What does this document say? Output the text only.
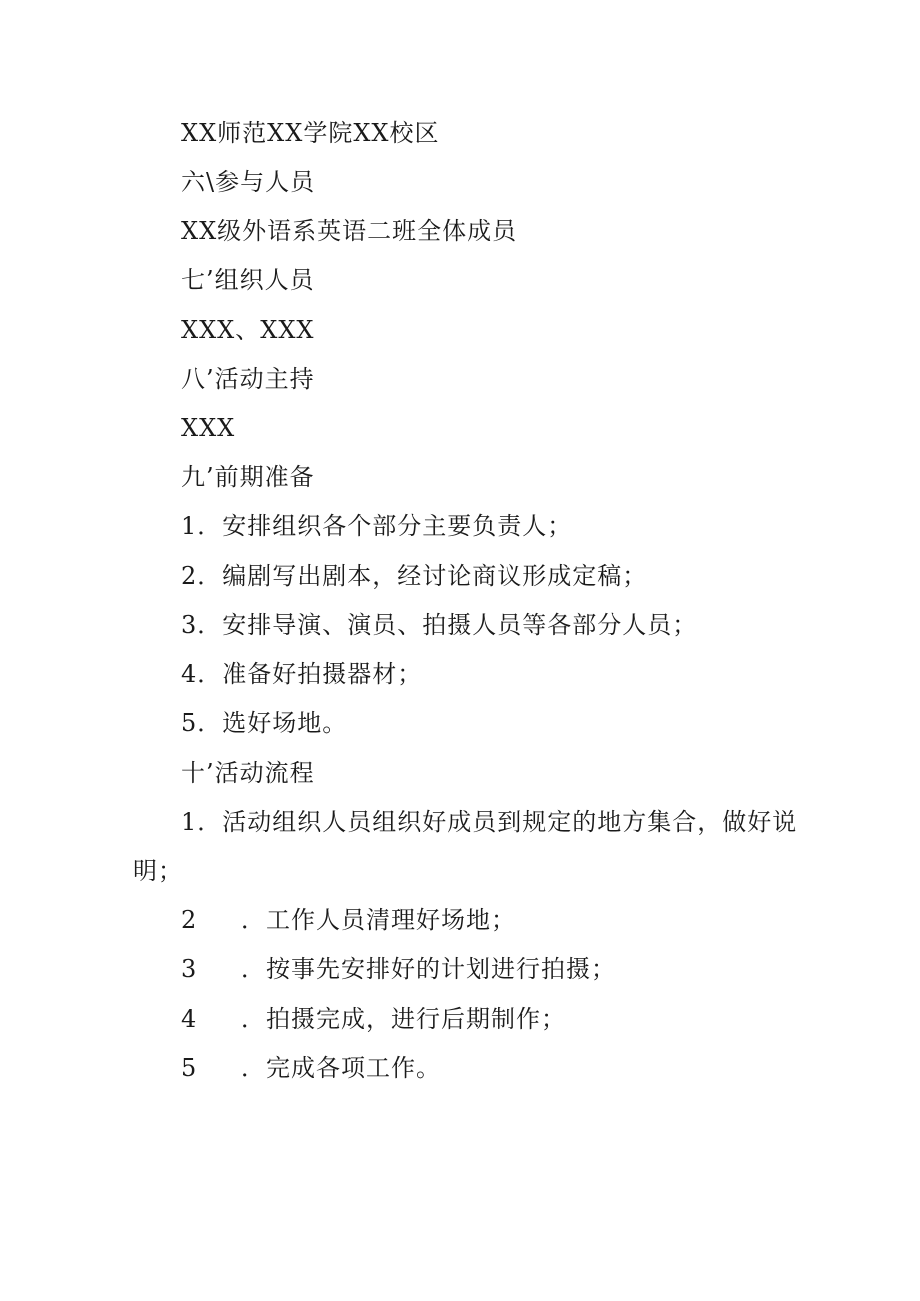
XX师范XX学院XX校区
六\参与人员
XX级外语系英语二班全体成员
七’组织人员
XXX、XXX
八’活动主持
XXX
九’前期准备
1．安排组织各个部分主要负责人；
2．编剧写出剧本，经讨论商议形成定稿；
3．安排导演、演员、拍摄人员等各部分人员；
4．准备好拍摄器材；
5．选好场地。
十’活动流程
1．活动组织人员组织好成员到规定的地方集合，做好说
明；
2 ．工作人员清理好场地；
3 ．按事先安排好的计划进行拍摄；
4 ．拍摄完成，进行后期制作；
5 ．完成各项工作。
